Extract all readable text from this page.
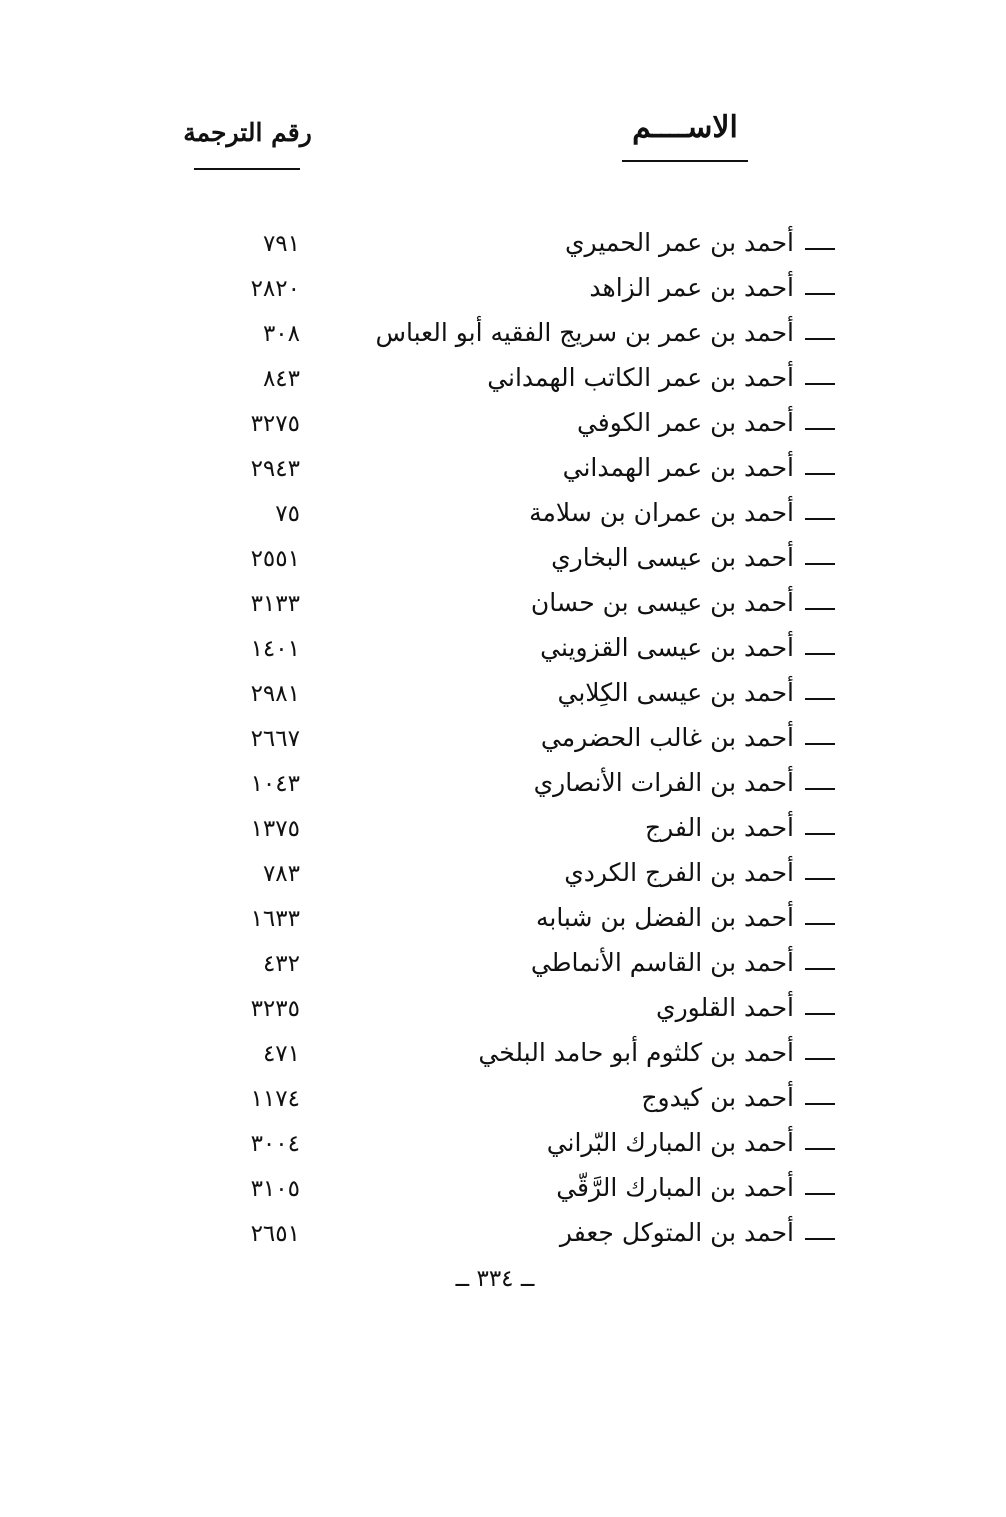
الاســــم
رقم الترجمة
أحمد بن عمر الحميري
٧٩١
أحمد بن عمر الزاهد
٢٨٢٠
أحمد بن عمر بن سريج الفقيه أبو العباس
٣٠٨
أحمد بن عمر الكاتب الهمداني
٨٤٣
أحمد بن عمر الكوفي
٣٢٧٥
أحمد بن عمر الهمداني
٢٩٤٣
أحمد بن عمران بن سلامة
٧٥
أحمد بن عيسى البخاري
٢٥٥١
أحمد بن عيسى بن حسان
٣١٣٣
أحمد بن عيسى القزويني
١٤٠١
أحمد بن عيسى الكِلابي
٢٩٨١
أحمد بن غالب الحضرمي
٢٦٦٧
أحمد بن الفرات الأنصاري
١٠٤٣
أحمد بن الفرج
١٣٧٥
أحمد بن الفرج الكردي
٧٨٣
أحمد بن الفضل بن شبابه
١٦٣٣
أحمد بن القاسم الأنماطي
٤٣٢
أحمد القلوري
٣٢٣٥
أحمد بن كلثوم أبو حامد البلخي
٤٧١
أحمد بن كيدوج
١١٧٤
أحمد بن المبارك البّراني
٣٠٠٤
أحمد بن المبارك الرَّقّي
٣١٠٥
أحمد بن المتوكل جعفر
٢٦٥١
ــ ٣٣٤ ــ
